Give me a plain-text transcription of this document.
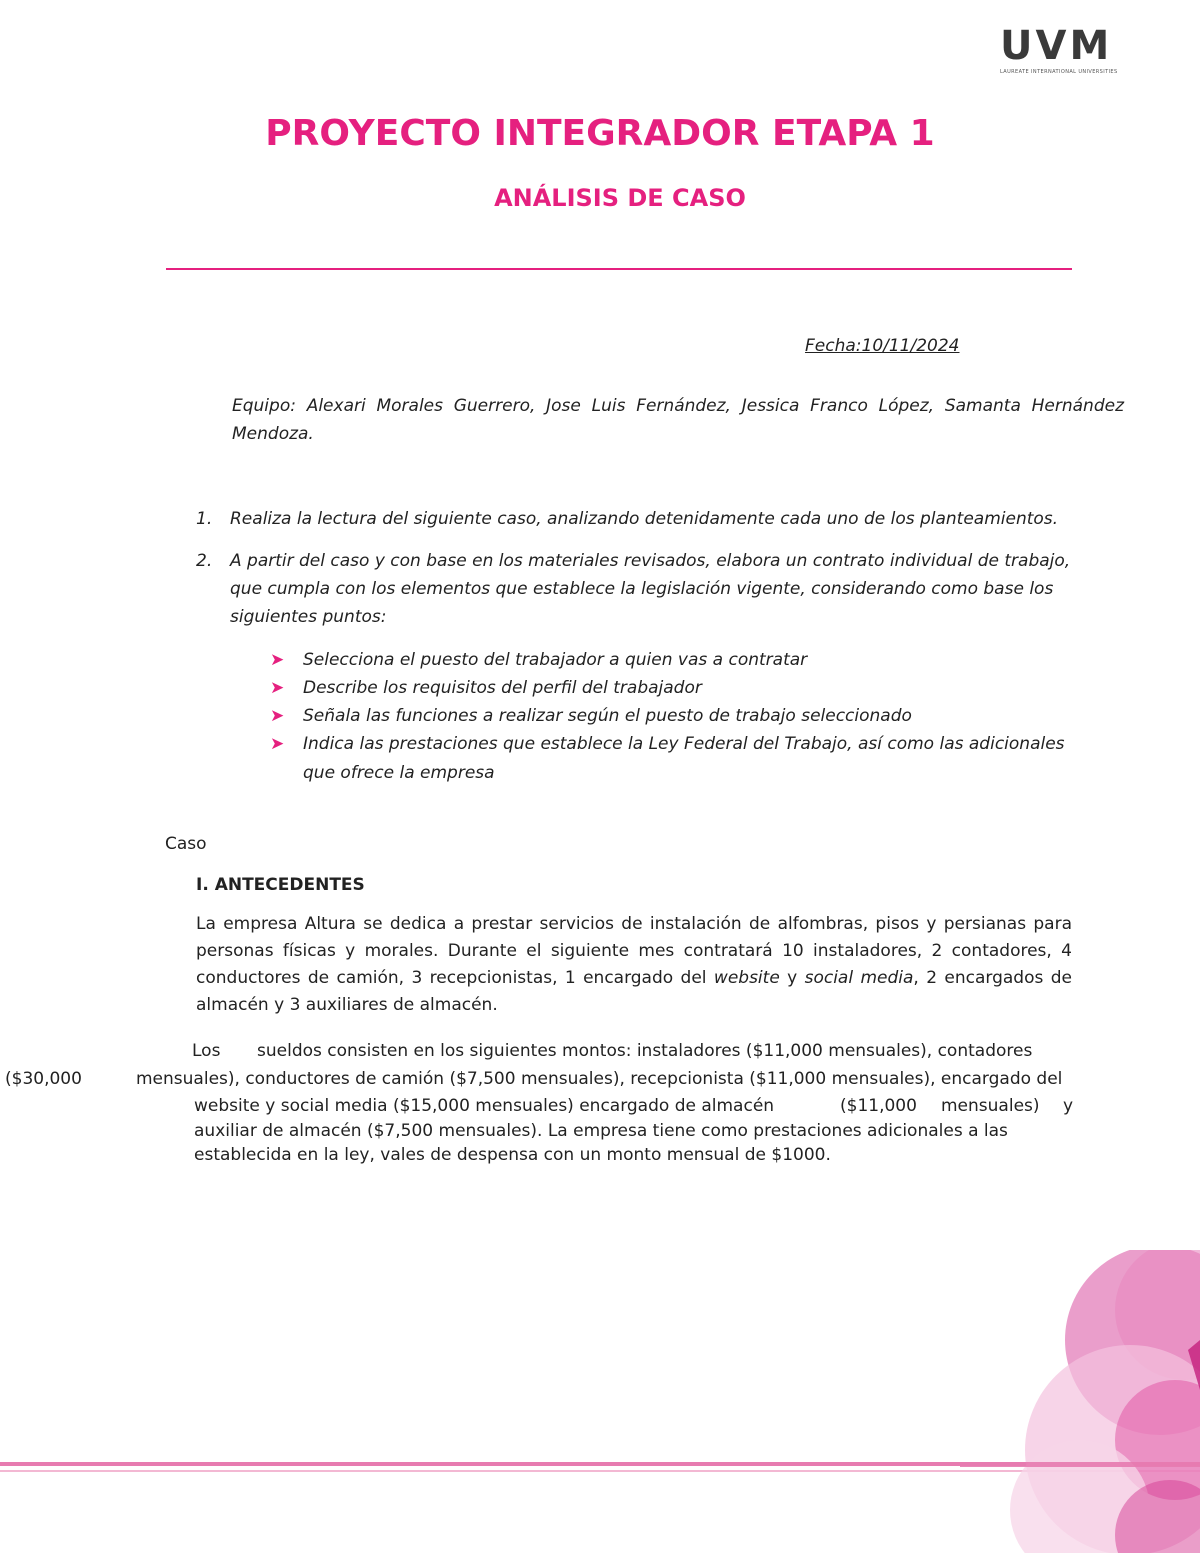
UVM
LAUREATE INTERNATIONAL UNIVERSITIES
PROYECTO INTEGRADOR ETAPA 1
ANÁLISIS DE CASO
Fecha:10/11/2024
Equipo: Alexari Morales Guerrero, Jose Luis Fernández, Jessica Franco López, Samanta Hernández Mendoza.
1. Realiza la lectura del siguiente caso, analizando detenidamente cada uno de los planteamientos.
2. A partir del caso y con base en los materiales revisados, elabora un contrato individual de trabajo,
que cumpla con los elementos que establece la legislación vigente, considerando como base los
siguientes puntos:
➤ Selecciona el puesto del trabajador a quien vas a contratar
➤ Describe los requisitos del perfil del trabajador
➤ Señala las funciones a realizar según el puesto de trabajo seleccionado
➤ Indica las prestaciones que establece la Ley Federal del Trabajo, así como las adicionales
que ofrece la empresa
Caso
I. ANTECEDENTES
La empresa Altura se dedica a prestar servicios de instalación de alfombras, pisos y persianas para personas físicas y morales. Durante el siguiente mes contratará 10 instaladores, 2 contadores, 4 conductores de camión, 3 recepcionistas, 1 encargado del website y social media, 2 encargados de almacén y 3 auxiliares de almacén.
Los sueldos consisten en los siguientes montos: instaladores ($11,000 mensuales), contadores
($30,000	mensuales), conductores de camión ($7,500 mensuales), recepcionista ($11,000 mensuales), encargado del
website y social media ($15,000 mensuales) encargado de almacén	($11,000 mensuales) y
auxiliar de almacén ($7,500 mensuales). La empresa tiene como prestaciones adicionales a las
establecida en la ley, vales de despensa con un monto mensual de $1000.
